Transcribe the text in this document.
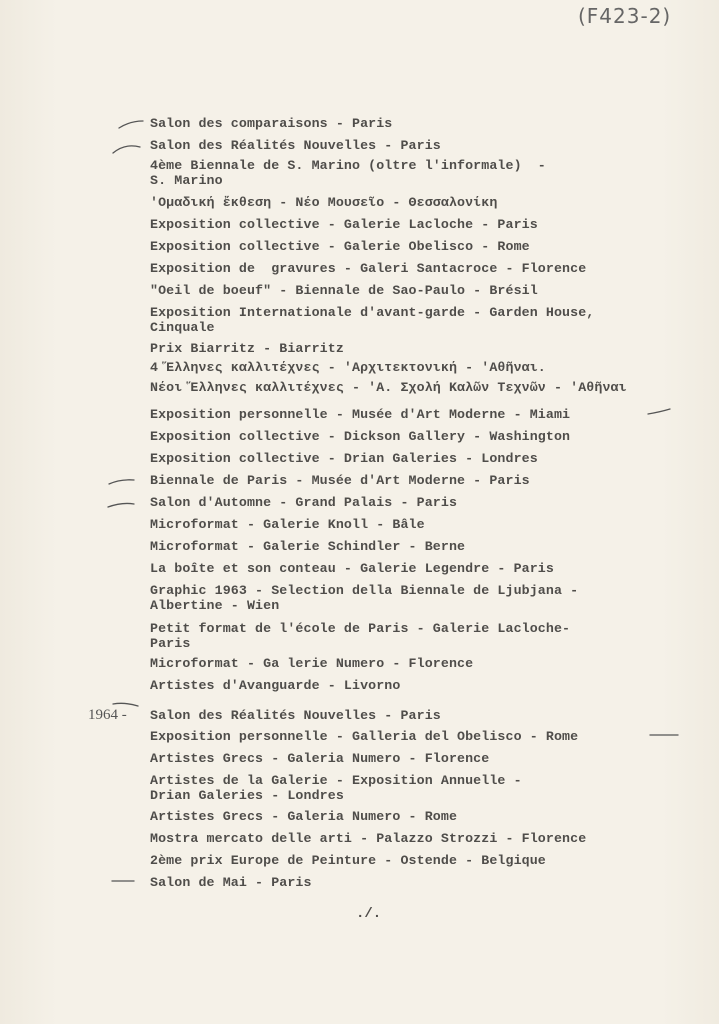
(F423-2)
1964 -
Salon des comparaisons - Paris
Salon des Réalités Nouvelles - Paris
4ème Biennale de S. Marino (oltre l'informale)  -
S. Marino
'Ομαδική ἔκθεση - Νέο Μουσεῖο - Θεσσαλονίκη
Exposition collective - Galerie Lacloche - Paris
Exposition collective - Galerie Obelisco - Rome
Exposition de  gravures - Galeri Santacroce - Florence
"Oeil de boeuf" - Biennale de Sao-Paulo - Brésil
Exposition Internationale d'avant-garde - Garden House,
Cinquale
Prix Biarritz - Biarritz
4 Ἕλληνες καλλιτέχνες - 'Αρχιτεκτονική - 'Αθῆναι.
Νέοι Ἕλληνες καλλιτέχνες - 'Α. Σχολή Καλῶν Τεχνῶν - 'Αθῆναι
Exposition personnelle - Musée d'Art Moderne - Miami
Exposition collective - Dickson Gallery - Washington
Exposition collective - Drian Galeries - Londres
Biennale de Paris - Musée d'Art Moderne - Paris
Salon d'Automne - Grand Palais - Paris
Microformat - Galerie Knoll - Bâle
Microformat - Galerie Schindler - Berne
La boîte et son conteau - Galerie Legendre - Paris
Graphic 1963 - Selection della Biennale de Ljubjana -
Albertine - Wien
Petit format de l'école de Paris - Galerie Lacloche-
Paris
Microformat - Ga lerie Numero - Florence
Artistes d'Avanguarde - Livorno
Salon des Réalités Nouvelles - Paris
Exposition personnelle - Galleria del Obelisco - Rome
Artistes Grecs - Galeria Numero - Florence
Artistes de la Galerie - Exposition Annuelle -
Drian Galeries - Londres
Artistes Grecs - Galeria Numero - Rome
Mostra mercato delle arti - Palazzo Strozzi - Florence
2ème prix Europe de Peinture - Ostende - Belgique
Salon de Mai - Paris
./.
